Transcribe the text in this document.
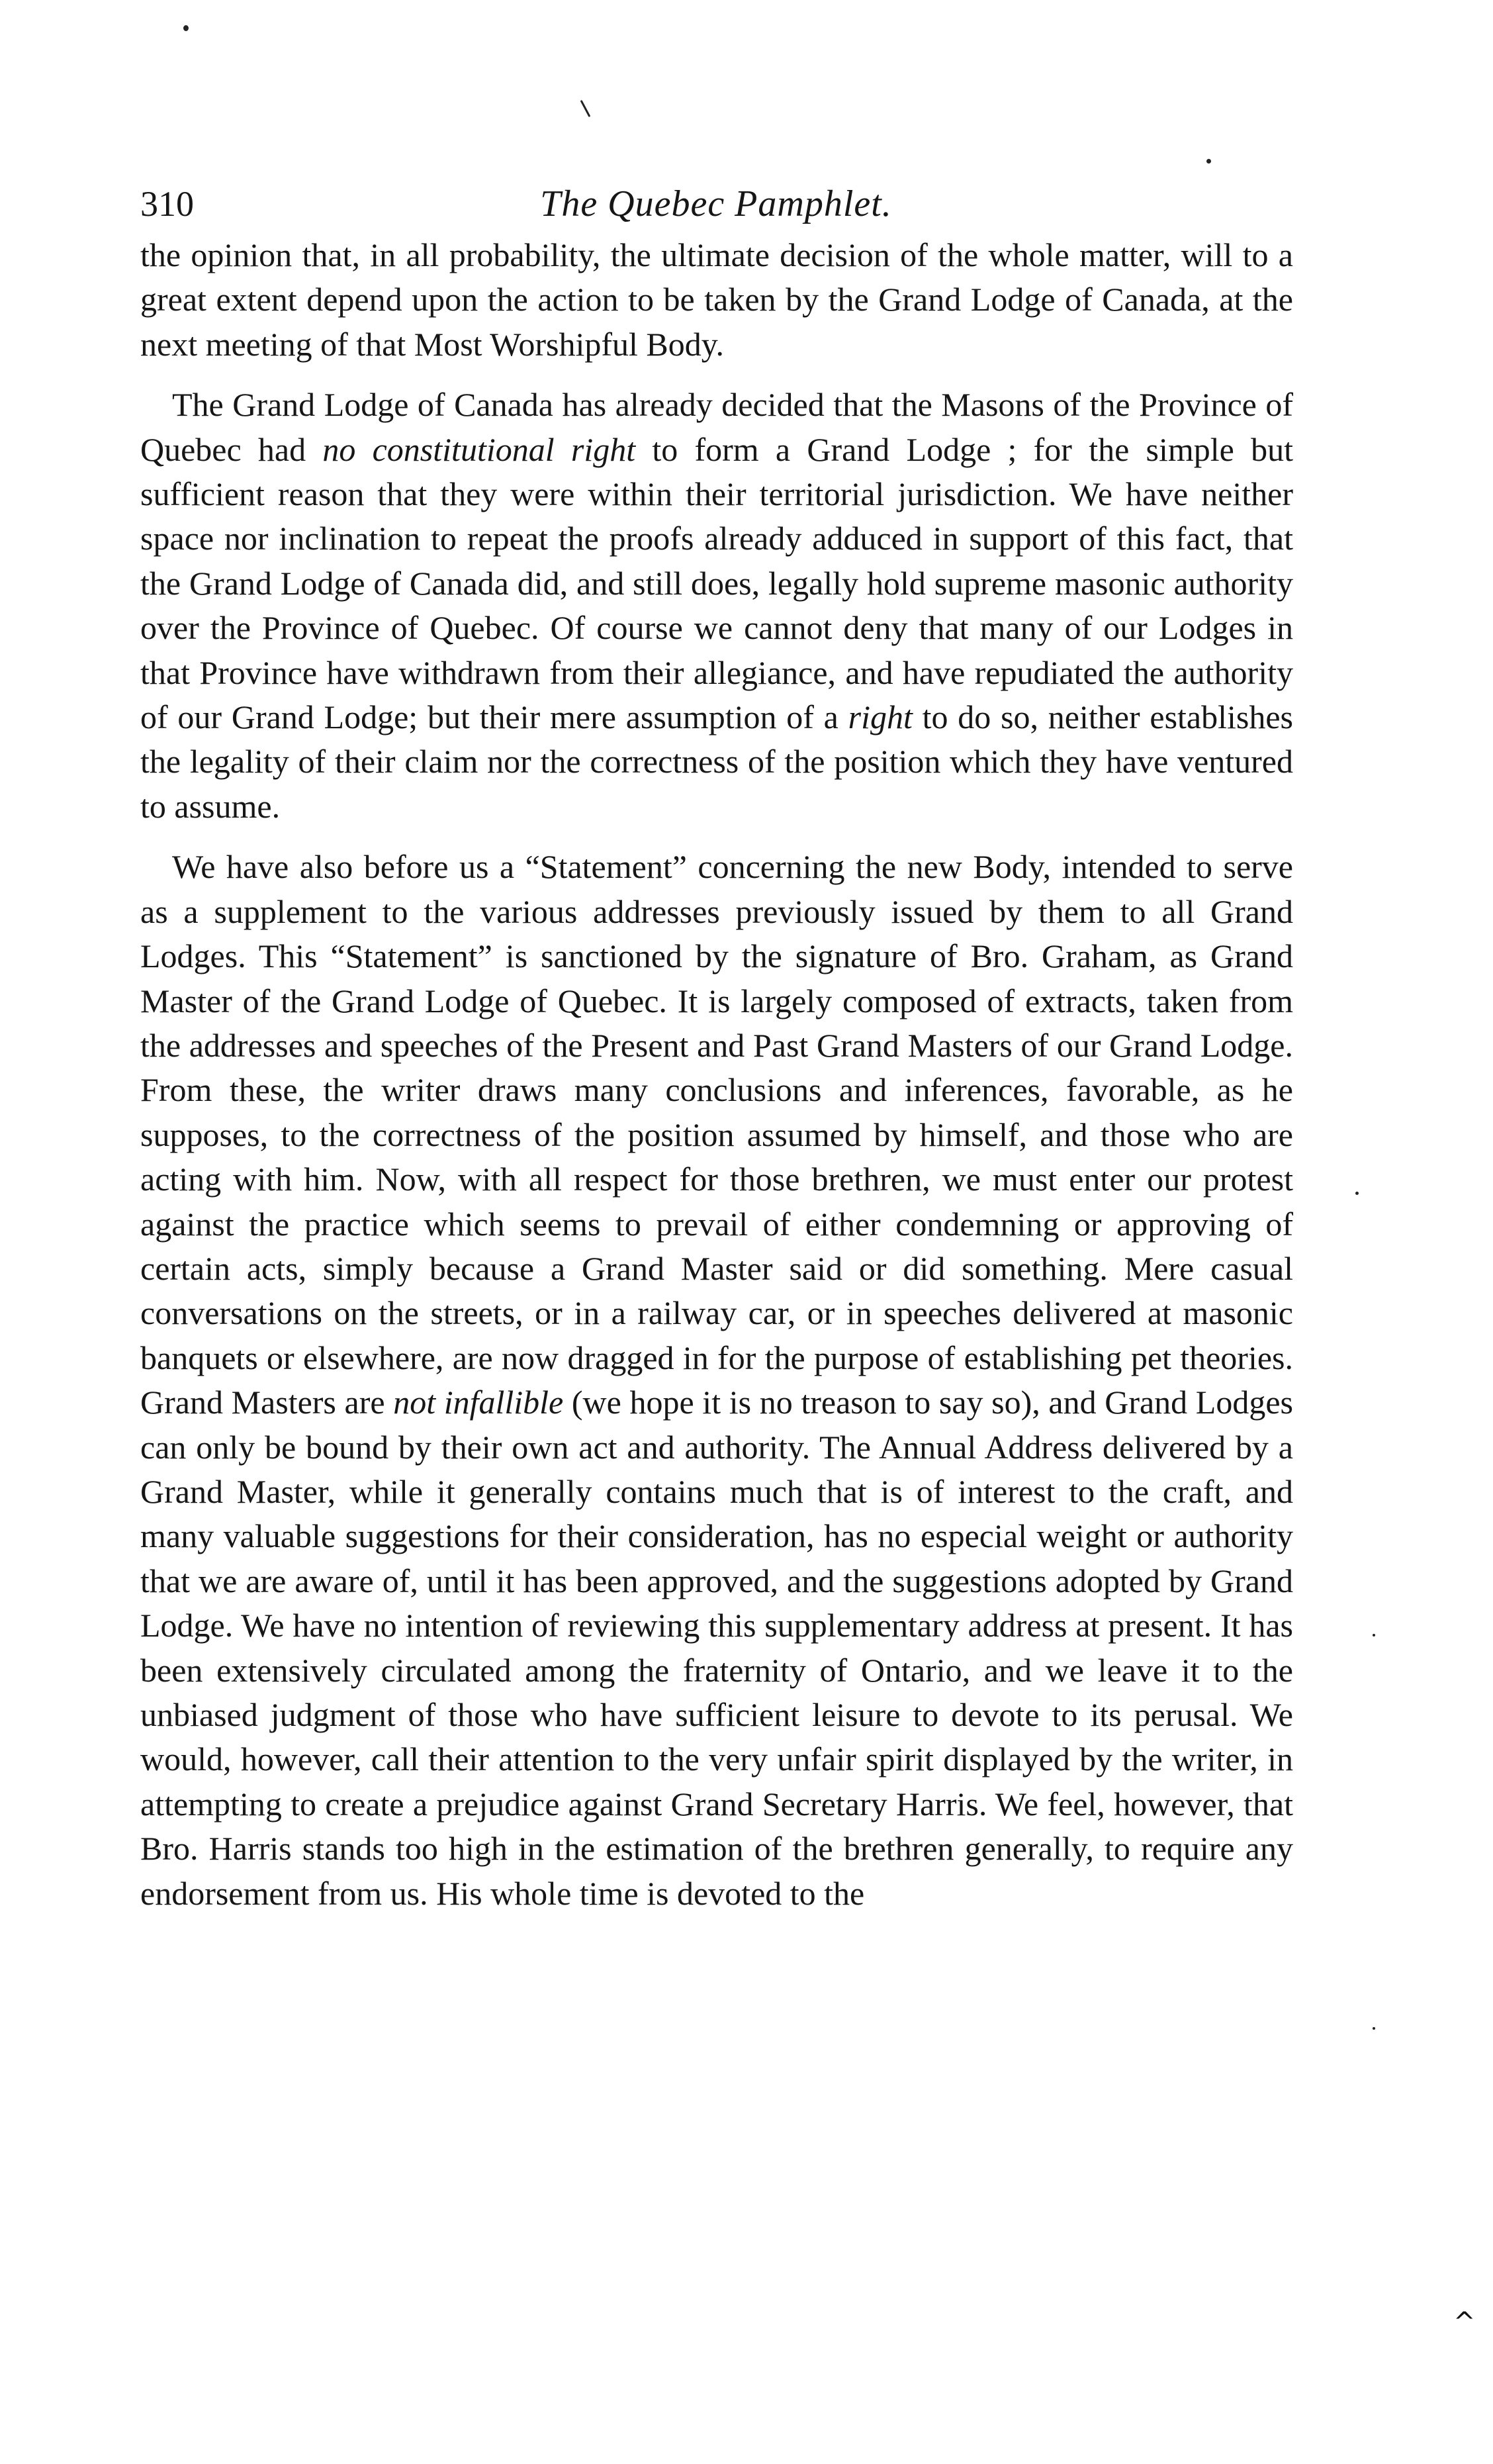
310	The Quebec Pamphlet.

the opinion that, in all probability, the ultimate decision of the whole matter, will to a great extent depend upon the action to be taken by the Grand Lodge of Canada, at the next meeting of that Most Worshipful Body.

The Grand Lodge of Canada has already decided that the Masons of the Province of Quebec had no constitutional right to form a Grand Lodge ; for the simple but sufficient reason that they were within their territorial jurisdiction. We have neither space nor inclination to repeat the proofs already adduced in support of this fact, that the Grand Lodge of Canada did, and still does, legally hold supreme masonic authority over the Province of Quebec. Of course we cannot deny that many of our Lodges in that Province have withdrawn from their allegiance, and have repudiated the authority of our Grand Lodge; but their mere assumption of a right to do so, neither establishes the legality of their claim nor the correctness of the position which they have ventured to assume.

We have also before us a “Statement” concerning the new Body, intended to serve as a supplement to the various addresses previously issued by them to all Grand Lodges. This “Statement” is sanctioned by the signature of Bro. Graham, as Grand Master of the Grand Lodge of Quebec. It is largely composed of extracts, taken from the addresses and speeches of the Present and Past Grand Masters of our Grand Lodge. From these, the writer draws many conclusions and inferences, favorable, as he supposes, to the correctness of the position assumed by himself, and those who are acting with him. Now, with all respect for those brethren, we must enter our protest against the practice which seems to prevail of either condemning or approving of certain acts, simply because a Grand Master said or did something. Mere casual conversations on the streets, or in a railway car, or in speeches delivered at masonic banquets or elsewhere, are now dragged in for the purpose of establishing pet theories. Grand Masters are not infallible (we hope it is no treason to say so), and Grand Lodges can only be bound by their own act and authority. The Annual Address delivered by a Grand Master, while it generally contains much that is of interest to the craft, and many valuable suggestions for their consideration, has no especial weight or authority that we are aware of, until it has been approved, and the suggestions adopted by Grand Lodge. We have no intention of reviewing this supplementary address at present. It has been extensively circulated among the fraternity of Ontario, and we leave it to the unbiased judgment of those who have sufficient leisure to devote to its perusal. We would, however, call their attention to the very unfair spirit displayed by the writer, in attempting to create a prejudice against Grand Secretary Harris. We feel, however, that Bro. Harris stands too high in the estimation of the brethren generally, to require any endorsement from us. His whole time is devoted to the

^
